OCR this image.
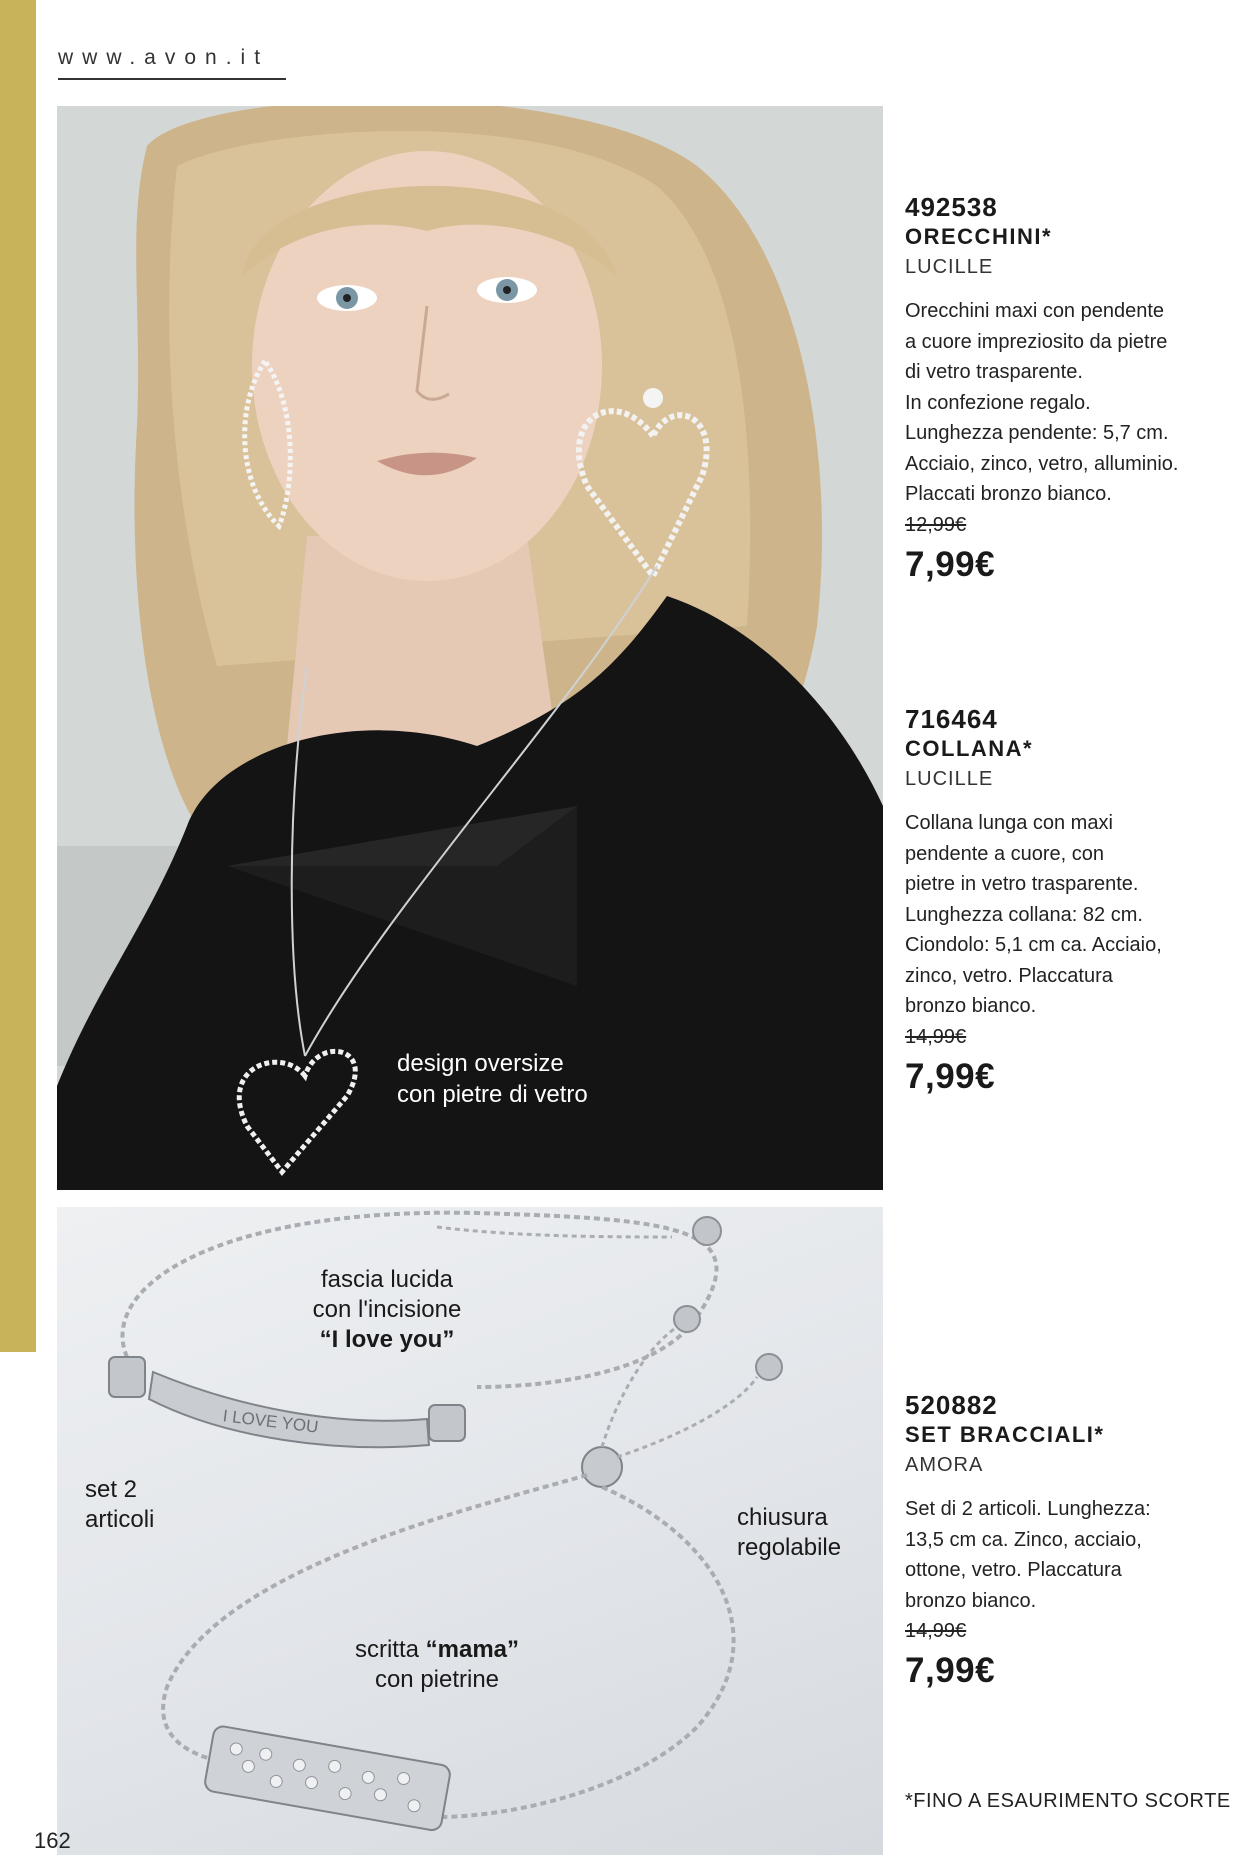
www.avon.it
design oversize
con pietre di vetro
I LOVE YOU
fascia lucida
con l'incisione
“I love you”
set 2
articoli	chiusura
regolabile
scritta “mama”
con pietrine
492538
ORECCHINI*
LUCILLE
Orecchini maxi con pendente
a cuore impreziosito da pietre
di vetro trasparente.
In confezione regalo.
Lunghezza pendente: 5,7 cm.
Acciaio, zinco, vetro, alluminio.
Placcati bronzo bianco.
12,99€
7,99€
716464
COLLANA*
LUCILLE
Collana lunga con maxi
pendente a cuore, con
pietre in vetro trasparente.
Lunghezza collana: 82 cm.
Ciondolo: 5,1 cm ca. Acciaio,
zinco, vetro. Placcatura
bronzo bianco.
14,99€
7,99€
520882
SET BRACCIALI*
AMORA
Set di 2 articoli. Lunghezza:
13,5 cm ca. Zinco, acciaio,
ottone, vetro. Placcatura
bronzo bianco.
14,99€
7,99€
*FINO A ESAURIMENTO SCORTE
162
